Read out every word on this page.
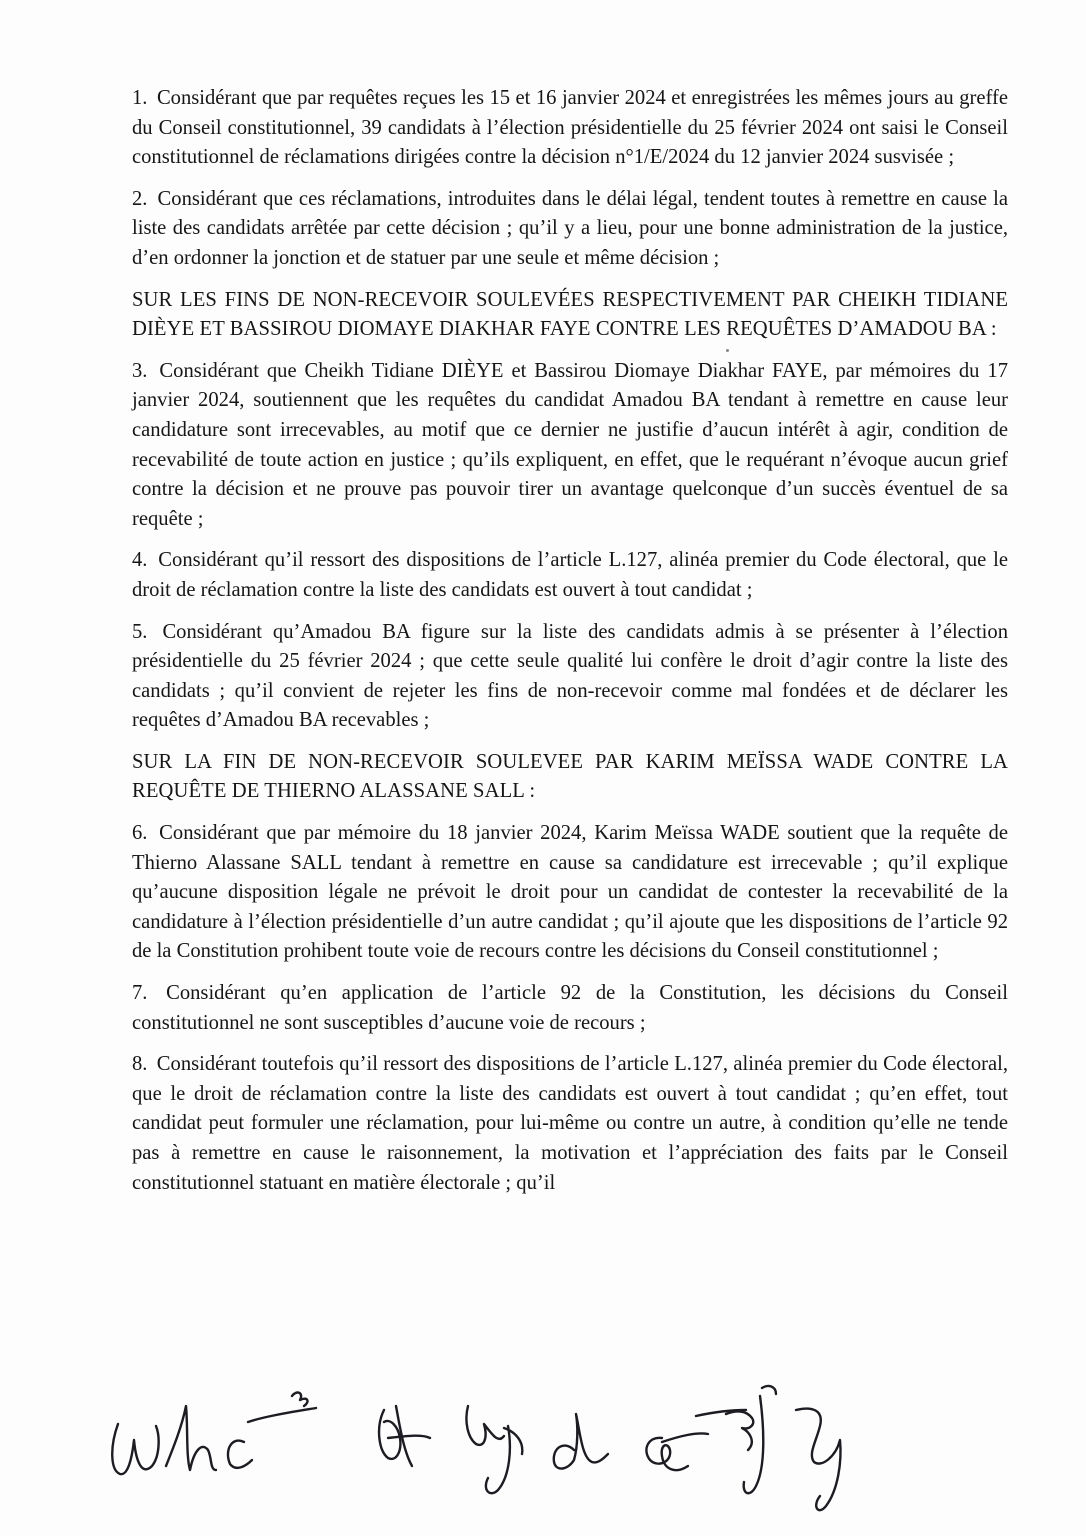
1. Considérant que par requêtes reçues les 15 et 16 janvier 2024 et enregistrées les mêmes jours au greffe du Conseil constitutionnel, 39 candidats à l’élection présidentielle du 25 février 2024 ont saisi le Conseil constitutionnel de réclamations dirigées contre la décision n°1/E/2024 du 12 janvier 2024 susvisée ;

2. Considérant que ces réclamations, introduites dans le délai légal, tendent toutes à remettre en cause la liste des candidats arrêtée par cette décision ; qu’il y a lieu, pour une bonne administration de la justice, d’en ordonner la jonction et de statuer par une seule et même décision ;

SUR LES FINS DE NON-RECEVOIR SOULEVÉES RESPECTIVEMENT PAR CHEIKH TIDIANE DIÈYE ET BASSIROU DIOMAYE DIAKHAR FAYE CONTRE LES REQUÊTES D’AMADOU BA :

3. Considérant que Cheikh Tidiane DIÈYE et Bassirou Diomaye Diakhar FAYE, par mémoires du 17 janvier 2024, soutiennent que les requêtes du candidat Amadou BA tendant à remettre en cause leur candidature sont irrecevables, au motif que ce dernier ne justifie d’aucun intérêt à agir, condition de recevabilité de toute action en justice ; qu’ils expliquent, en effet, que le requérant n’évoque aucun grief contre la décision et ne prouve pas pouvoir tirer un avantage quelconque d’un succès éventuel de sa requête ;

4. Considérant qu’il ressort des dispositions de l’article L.127, alinéa premier du Code électoral, que le droit de réclamation contre la liste des candidats est ouvert à tout candidat ;

5. Considérant qu’Amadou BA figure sur la liste des candidats admis à se présenter à l’élection présidentielle du 25 février 2024 ; que cette seule qualité lui confère le droit d’agir contre la liste des candidats ; qu’il convient de rejeter les fins de non-recevoir comme mal fondées et de déclarer les requêtes d’Amadou BA recevables ;

SUR LA FIN DE NON-RECEVOIR SOULEVEE PAR KARIM MEÏSSA WADE CONTRE LA REQUÊTE DE THIERNO ALASSANE SALL :

6. Considérant que par mémoire du 18 janvier 2024, Karim Meïssa WADE soutient que la requête de Thierno Alassane SALL tendant à remettre en cause sa candidature est irrecevable ; qu’il explique qu’aucune disposition légale ne prévoit le droit pour un candidat de contester la recevabilité de la candidature à l’élection présidentielle d’un autre candidat ; qu’il ajoute que les dispositions de l’article 92 de la Constitution prohibent toute voie de recours contre les décisions du Conseil constitutionnel ;

7. Considérant qu’en application de l’article 92 de la Constitution, les décisions du Conseil constitutionnel ne sont susceptibles d’aucune voie de recours ;

8. Considérant toutefois qu’il ressort des dispositions de l’article L.127, alinéa premier du Code électoral, que le droit de réclamation contre la liste des candidats est ouvert à tout candidat ; qu’en effet, tout candidat peut formuler une réclamation, pour lui-même ou contre un autre, à condition qu’elle ne tende pas à remettre en cause le raisonnement, la motivation et l’appréciation des faits par le Conseil constitutionnel statuant en matière électorale ; qu’il
